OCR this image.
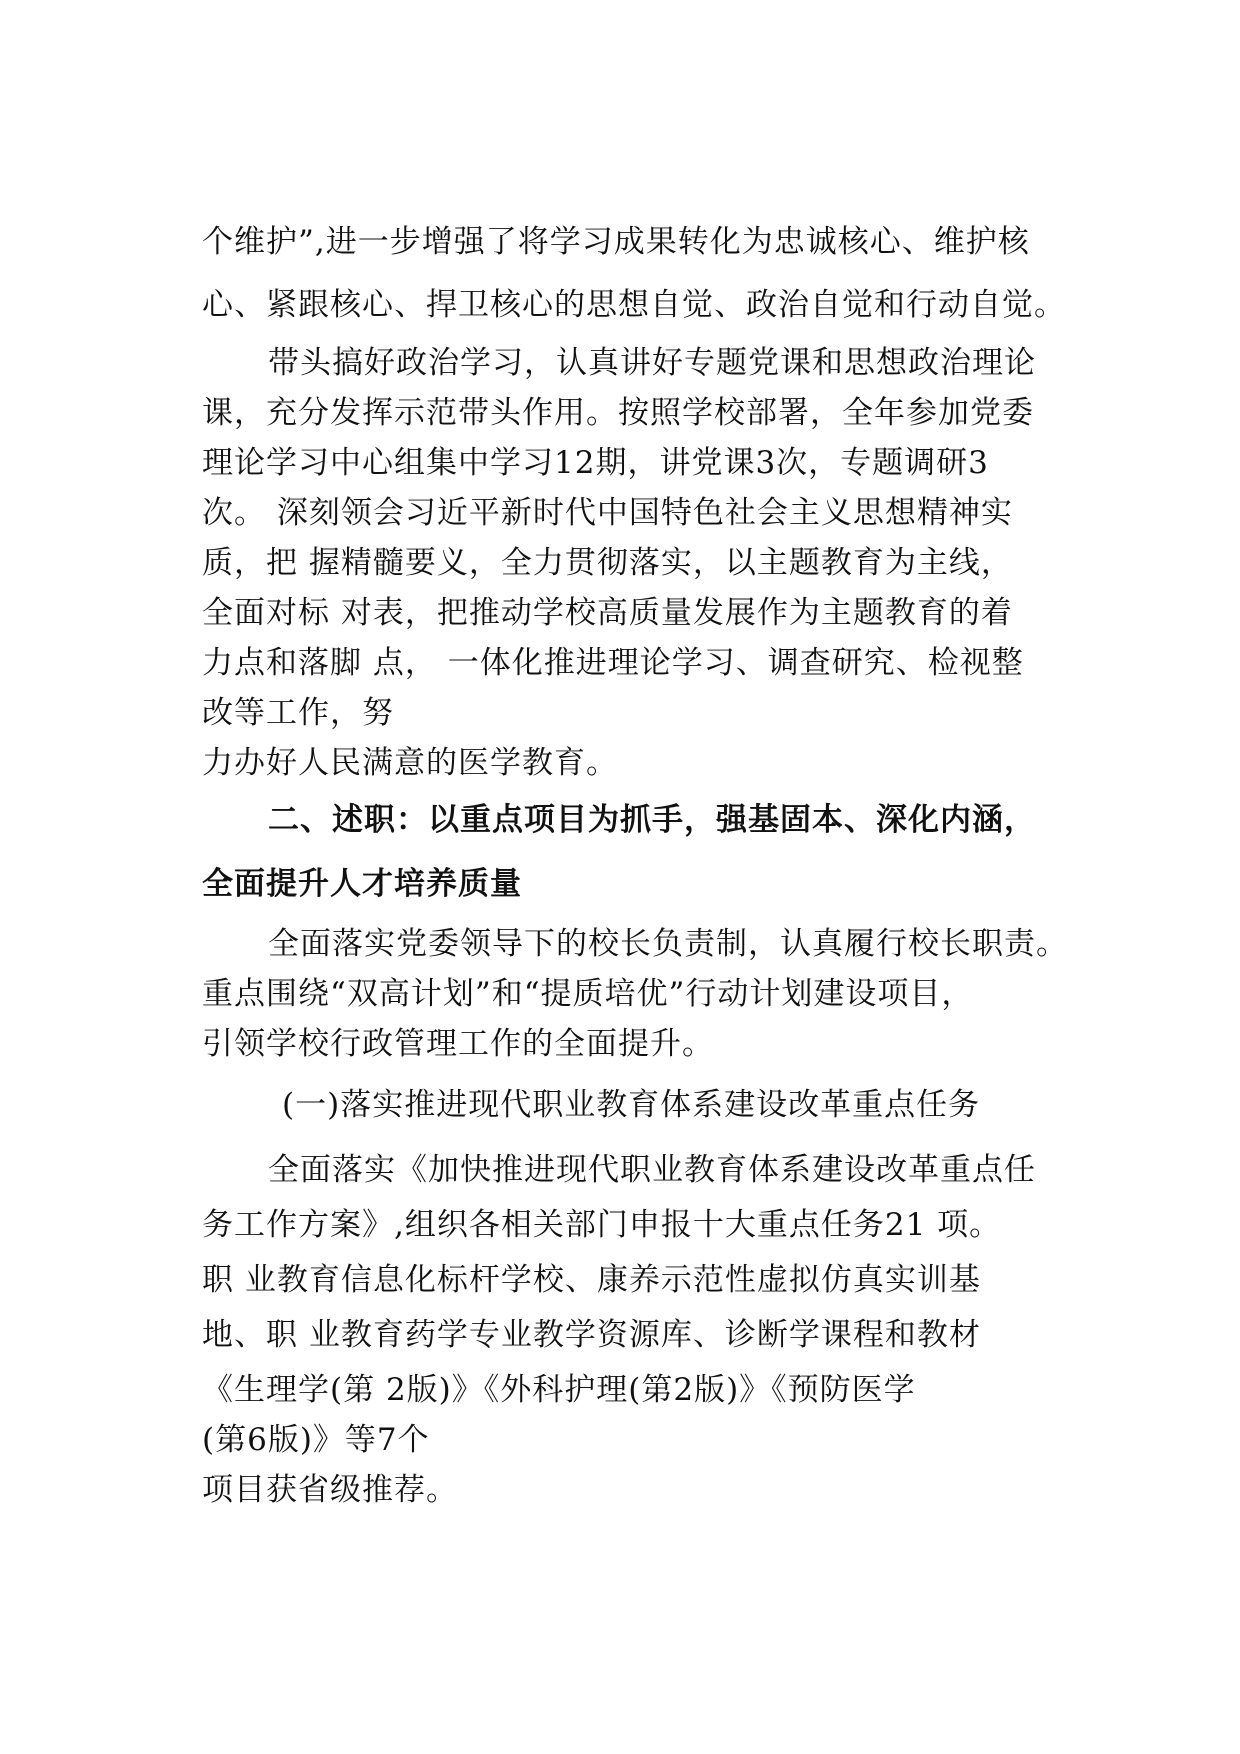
个维护”,进一步增强了将学习成果转化为忠诚核心、维护核

心、紧跟核心、捍卫核心的思想自觉、政治自觉和行动自觉。

带头搞好政治学习，认真讲好专题党课和思想政治理论

课，充分发挥示范带头作用。按照学校部署，全年参加党委

理论学习中心组集中学习12期，讲党课3次，专题调研3

次。 深刻领会习近平新时代中国特色社会主义思想精神实

质，把 握精髓要义，全力贯彻落实，以主题教育为主线，

全面对标 对表，把推动学校高质量发展作为主题教育的着

力点和落脚 点， 一体化推进理论学习、调查研究、检视整

改等工作，努

力办好人民满意的医学教育。

二、述职：以重点项目为抓手，强基固本、深化内涵，

全面提升人才培养质量

全面落实党委领导下的校长负责制，认真履行校长职责。

重点围绕“双高计划”和“提质培优”行动计划建设项目，

引领学校行政管理工作的全面提升。

(一)落实推进现代职业教育体系建设改革重点任务

全面落实《加快推进现代职业教育体系建设改革重点任

务工作方案》,组织各相关部门申报十大重点任务21 项。

职 业教育信息化标杆学校、康养示范性虚拟仿真实训基

地、职 业教育药学专业教学资源库、诊断学课程和教材

《生理学(第 2版)》《外科护理(第2版)》《预防医学

(第6版)》等7个

项目获省级推荐。
